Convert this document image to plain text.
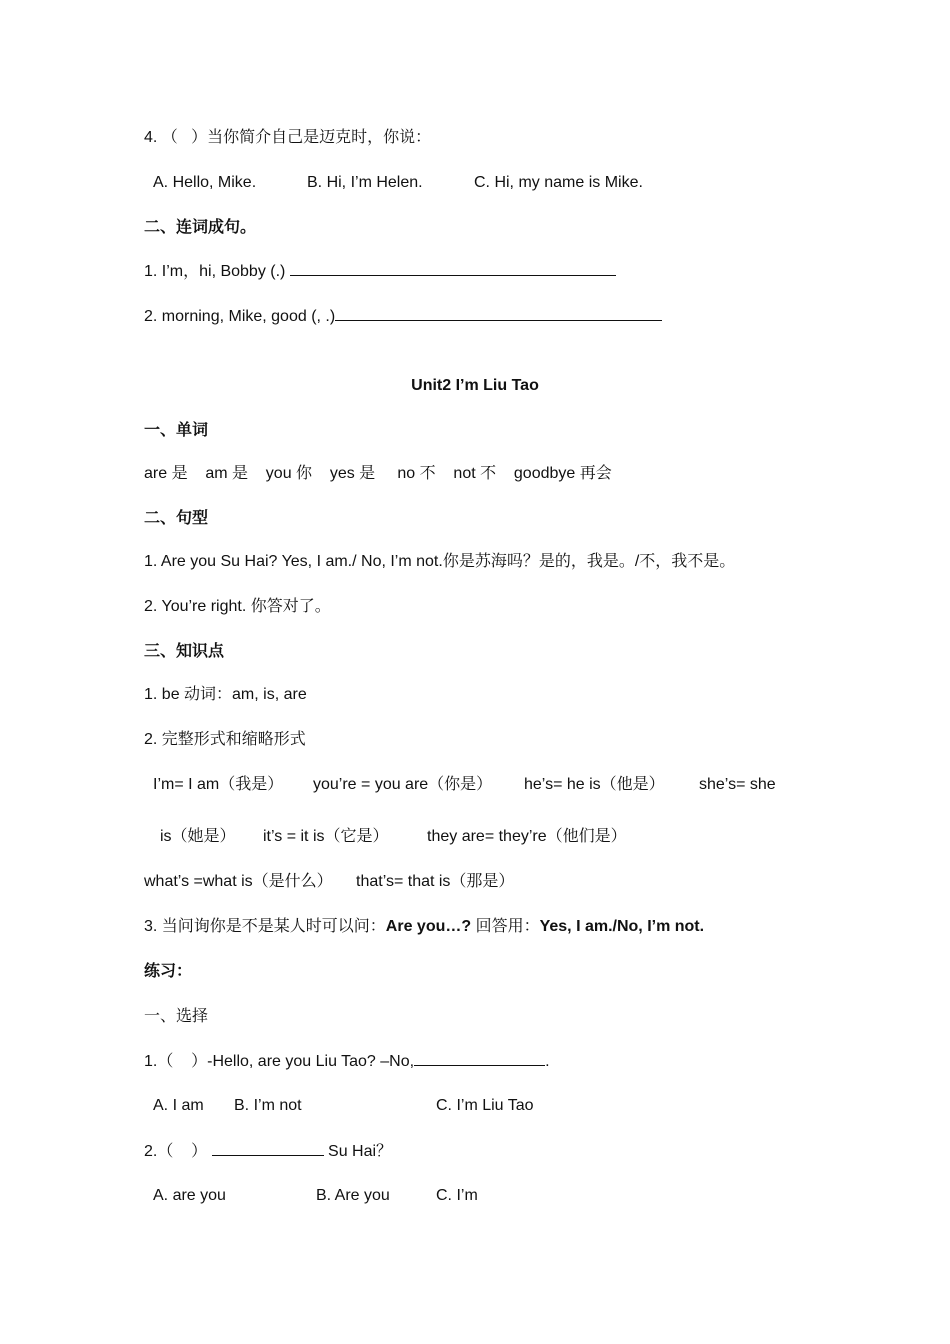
4. （   ）当你简介自己是迈克时，你说：
A. Hello, Mike.	B. Hi, I’m Helen.	C. Hi, my name is Mike.
二、连词成句。
1. I’m，hi, Bobby (.)
2. morning, Mike, good (, .)
Unit2 I’m Liu Tao
一、单词
are 是    am 是    you 你    yes 是     no 不    not 不    goodbye 再会
二、句型
1. Are you Su Hai? Yes, I am./ No, I’m not.你是苏海吗？是的，我是。/不，我不是。
2. You’re right. 你答对了。
三、知识点
1. be 动词：am, is, are
2. 完整形式和缩略形式
I’m= I am（我是） you’re = you are（你是） he’s= he is（他是） she’s= she
is（她是） it’s = it is（它是） they are= they’re（他们是）
what’s =what is（是什么） that’s= that is（那是）
3. 当问询你是不是某人时可以问：Are you…? 回答用：Yes, I am./No, I’m not.
练习：
一、选择
1.（    ）-Hello, are you Liu Tao? –No,	.
A. I am B. I’m not	C. I’m Liu Tao
2.（    ）	Su Hai？
A. are you	B. Are you	C. I’m
